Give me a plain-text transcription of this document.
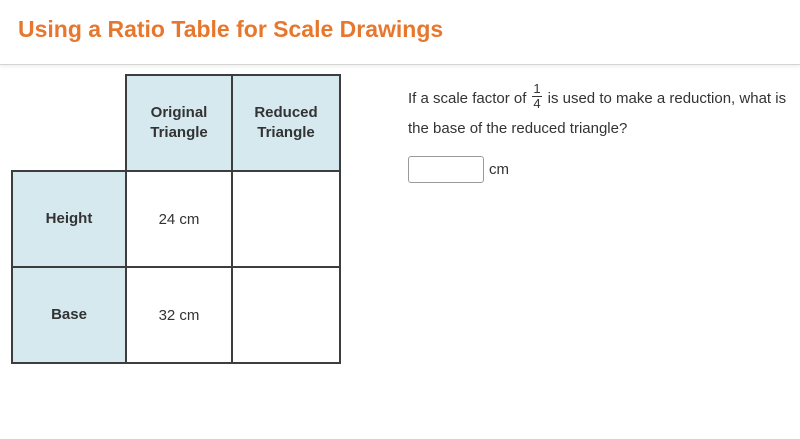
Using a Ratio Table for Scale Drawings
	Original Triangle	Reduced Triangle
Height	24 cm	
Base	32 cm	
If a scale factor of $\frac{1}{4}$ is used to make a reduction, what is the base of the reduced triangle?
cm
